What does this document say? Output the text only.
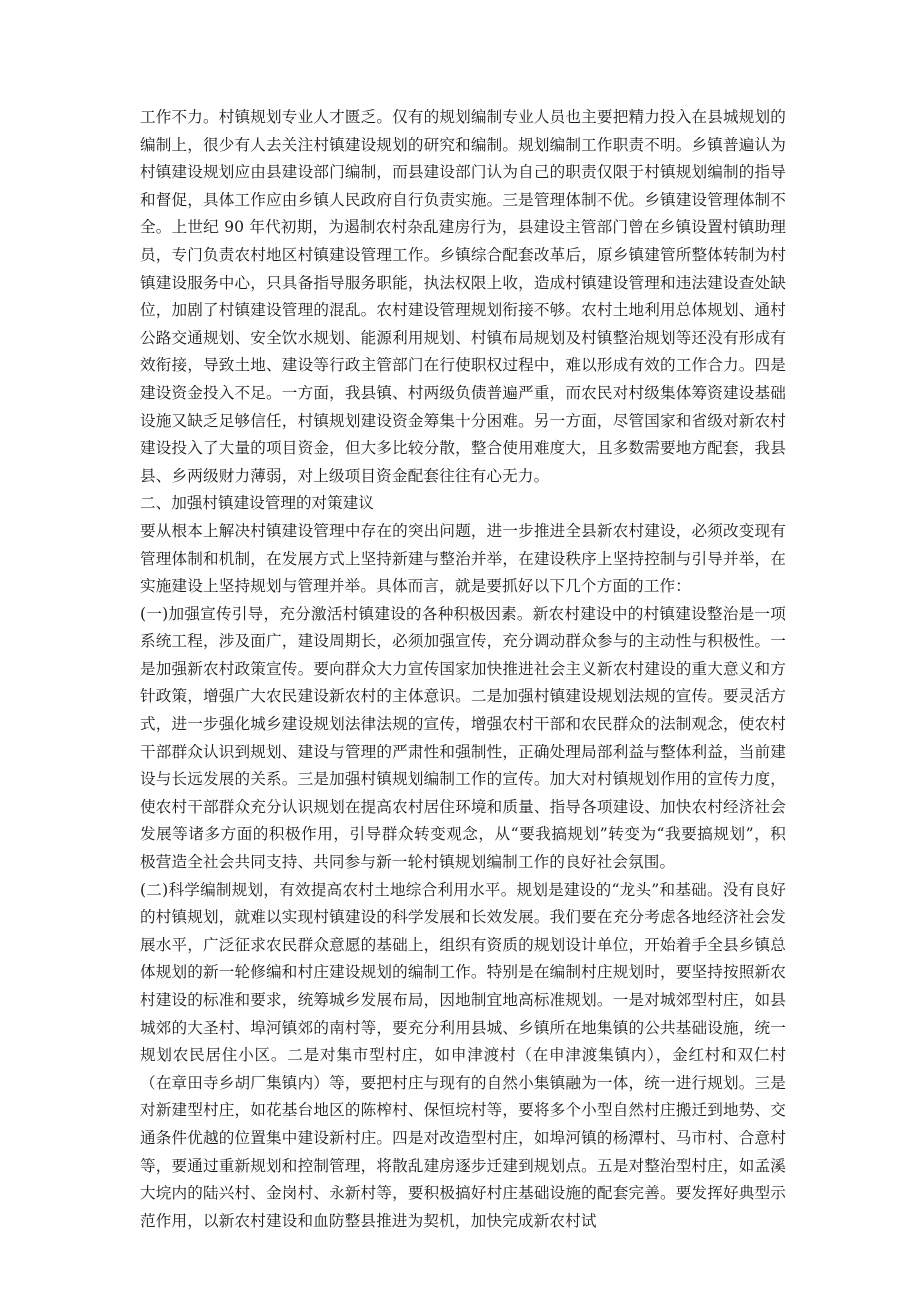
工作不力。村镇规划专业人才匮乏。仅有的规划编制专业人员也主要把精力投入在县城规划的编制上，很少有人去关注村镇建设规划的研究和编制。规划编制工作职责不明。乡镇普遍认为村镇建设规划应由县建设部门编制，而县建设部门认为自己的职责仅限于村镇规划编制的指导和督促，具体工作应由乡镇人民政府自行负责实施。三是管理体制不优。乡镇建设管理体制不全。上世纪 90 年代初期，为遏制农村杂乱建房行为，县建设主管部门曾在乡镇设置村镇助理员，专门负责农村地区村镇建设管理工作。乡镇综合配套改革后，原乡镇建管所整体转制为村镇建设服务中心，只具备指导服务职能，执法权限上收，造成村镇建设管理和违法建设查处缺位，加剧了村镇建设管理的混乱。农村建设管理规划衔接不够。农村土地利用总体规划、通村公路交通规划、安全饮水规划、能源利用规划、村镇布局规划及村镇整治规划等还没有形成有效衔接，导致土地、建设等行政主管部门在行使职权过程中，难以形成有效的工作合力。四是建设资金投入不足。一方面，我县镇、村两级负债普遍严重，而农民对村级集体筹资建设基础设施又缺乏足够信任，村镇规划建设资金筹集十分困难。另一方面，尽管国家和省级对新农村建设投入了大量的项目资金，但大多比较分散，整合使用难度大，且多数需要地方配套，我县县、乡两级财力薄弱，对上级项目资金配套往往有心无力。

二、加强村镇建设管理的对策建议

要从根本上解决村镇建设管理中存在的突出问题，进一步推进全县新农村建设，必须改变现有管理体制和机制，在发展方式上坚持新建与整治并举，在建设秩序上坚持控制与引导并举，在实施建设上坚持规划与管理并举。具体而言，就是要抓好以下几个方面的工作：

(一)加强宣传引导，充分激活村镇建设的各种积极因素。新农村建设中的村镇建设整治是一项系统工程，涉及面广，建设周期长，必须加强宣传，充分调动群众参与的主动性与积极性。一是加强新农村政策宣传。要向群众大力宣传国家加快推进社会主义新农村建设的重大意义和方针政策，增强广大农民建设新农村的主体意识。二是加强村镇建设规划法规的宣传。要灵活方式，进一步强化城乡建设规划法律法规的宣传，增强农村干部和农民群众的法制观念，使农村干部群众认识到规划、建设与管理的严肃性和强制性，正确处理局部利益与整体利益，当前建设与长远发展的关系。三是加强村镇规划编制工作的宣传。加大对村镇规划作用的宣传力度，使农村干部群众充分认识规划在提高农村居住环境和质量、指导各项建设、加快农村经济社会发展等诸多方面的积极作用，引导群众转变观念，从“要我搞规划”转变为“我要搞规划”，积极营造全社会共同支持、共同参与新一轮村镇规划编制工作的良好社会氛围。

(二)科学编制规划，有效提高农村土地综合利用水平。规划是建设的“龙头”和基础。没有良好的村镇规划，就难以实现村镇建设的科学发展和长效发展。我们要在充分考虑各地经济社会发展水平，广泛征求农民群众意愿的基础上，组织有资质的规划设计单位，开始着手全县乡镇总体规划的新一轮修编和村庄建设规划的编制工作。特别是在编制村庄规划时，要坚持按照新农村建设的标准和要求，统筹城乡发展布局，因地制宜地高标准规划。一是对城郊型村庄，如县城郊的大圣村、埠河镇郊的南村等，要充分利用县城、乡镇所在地集镇的公共基础设施，统一规划农民居住小区。二是对集市型村庄，如申津渡村（在申津渡集镇内），金红村和双仁村（在章田寺乡胡厂集镇内）等，要把村庄与现有的自然小集镇融为一体，统一进行规划。三是对新建型村庄，如花基台地区的陈榨村、保恒垸村等，要将多个小型自然村庄搬迁到地势、交通条件优越的位置集中建设新村庄。四是对改造型村庄，如埠河镇的杨潭村、马市村、合意村等，要通过重新规划和控制管理，将散乱建房逐步迁建到规划点。五是对整治型村庄，如孟溪大垸内的陆兴村、金岗村、永新村等，要积极搞好村庄基础设施的配套完善。要发挥好典型示范作用，以新农村建设和血防整县推进为契机，加快完成新农村试
